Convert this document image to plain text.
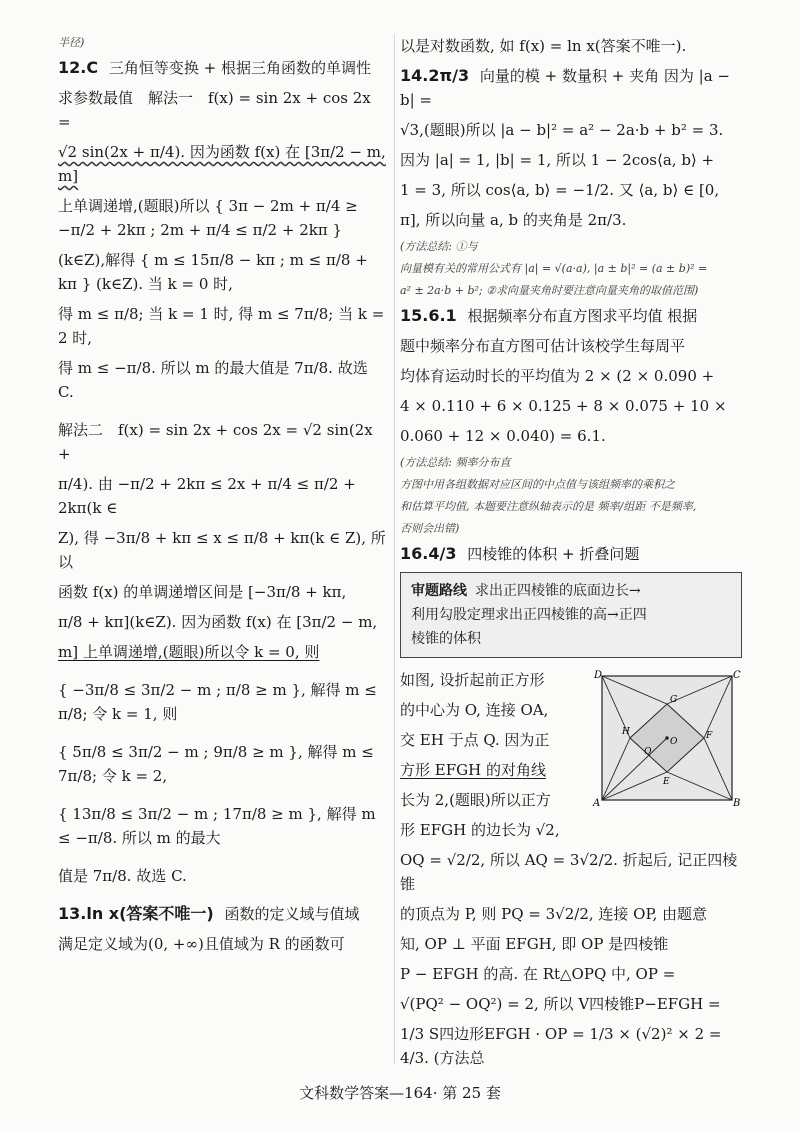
半径)

12.C 三角恒等变换 + 根据三角函数的单调性

求参数最值　解法一　f(x) = sin 2x + cos 2x =

√2 sin(2x + π/4). 因为函数 f(x) 在 [3π/2 − m, m]

上单调递增,(题眼)所以 { 3π − 2m + π/4 ≥ −π/2 + 2kπ ; 2m + π/4 ≤ π/2 + 2kπ }

(k∈Z),解得 { m ≤ 15π/8 − kπ ; m ≤ π/8 + kπ } (k∈Z). 当 k = 0 时,

得 m ≤ π/8; 当 k = 1 时, 得 m ≤ 7π/8; 当 k = 2 时,

得 m ≤ −π/8. 所以 m 的最大值是 7π/8. 故选 C.

解法二　f(x) = sin 2x + cos 2x = √2 sin(2x +

π/4). 由 −π/2 + 2kπ ≤ 2x + π/4 ≤ π/2 + 2kπ(k ∈

Z), 得 −3π/8 + kπ ≤ x ≤ π/8 + kπ(k ∈ Z), 所以

函数 f(x) 的单调递增区间是 [−3π/8 + kπ,

π/8 + kπ](k∈Z). 因为函数 f(x) 在 [3π/2 − m,

m] 上单调递增,(题眼)所以令 k = 0, 则

{ −3π/8 ≤ 3π/2 − m ; π/8 ≥ m }, 解得 m ≤ π/8; 令 k = 1, 则

{ 5π/8 ≤ 3π/2 − m ; 9π/8 ≥ m }, 解得 m ≤ 7π/8; 令 k = 2,

{ 13π/8 ≤ 3π/2 − m ; 17π/8 ≥ m }, 解得 m ≤ −π/8. 所以 m 的最大

值是 7π/8. 故选 C.

13.ln x(答案不唯一) 函数的定义域与值域

满足定义域为(0, +∞)且值域为 R 的函数可

以是对数函数, 如 f(x) = ln x(答案不唯一).

14.2π/3 向量的模 + 数量积 + 夹角 因为 |a − b| =

√3,(题眼)所以 |a − b|² = a² − 2a·b + b² = 3.

因为 |a| = 1, |b| = 1, 所以 1 − 2cos⟨a, b⟩ +

1 = 3, 所以 cos⟨a, b⟩ = −1/2. 又 ⟨a, b⟩ ∈ [0,

π], 所以向量 a, b 的夹角是 2π/3.

(方法总结: ①与

向量模有关的常用公式有 |a| = √(a·a), |a ± b|² = (a ± b)² =

a² ± 2a·b + b²; ②求向量夹角时要注意向量夹角的取值范围)

15.6.1 根据频率分布直方图求平均值 根据

题中频率分布直方图可估计该校学生每周平

均体育运动时长的平均值为 2 × (2 × 0.090 +

4 × 0.110 + 6 × 0.125 + 8 × 0.075 + 10 ×

0.060 + 12 × 0.040) = 6.1.

(方法总结: 频率分布直

方图中用各组数据对应区间的中点值与该组频率的乘积之

和估算平均值, 本题要注意纵轴表示的是 频率/组距 不是频率,

否则会出错)

16.4/3 四棱锥的体积 + 折叠问题

审题路线 求出正四棱锥的底面边长→
利用勾股定理求出正四棱锥的高→正四
棱锥的体积

如图, 设折起前正方形

的中心为 O, 连接 OA,

交 EH 于点 Q. 因为正

方形 EFGH 的对角线

长为 2,(题眼)所以正方

形 EFGH 的边长为 √2,

D	C
A	B
G
F
E
H
O
Q

OQ = √2/2, 所以 AQ = 3√2/2. 折起后, 记正四棱锥

的顶点为 P, 则 PQ = 3√2/2, 连接 OP, 由题意

知, OP ⊥ 平面 EFGH, 即 OP 是四棱锥

P − EFGH 的高. 在 Rt△OPQ 中, OP =

√(PQ² − OQ²) = 2, 所以 V四棱锥P−EFGH =

1/3 S四边形EFGH · OP = 1/3 × (√2)² × 2 = 4/3. (方法总

文科数学答案—164· 第 25 套
